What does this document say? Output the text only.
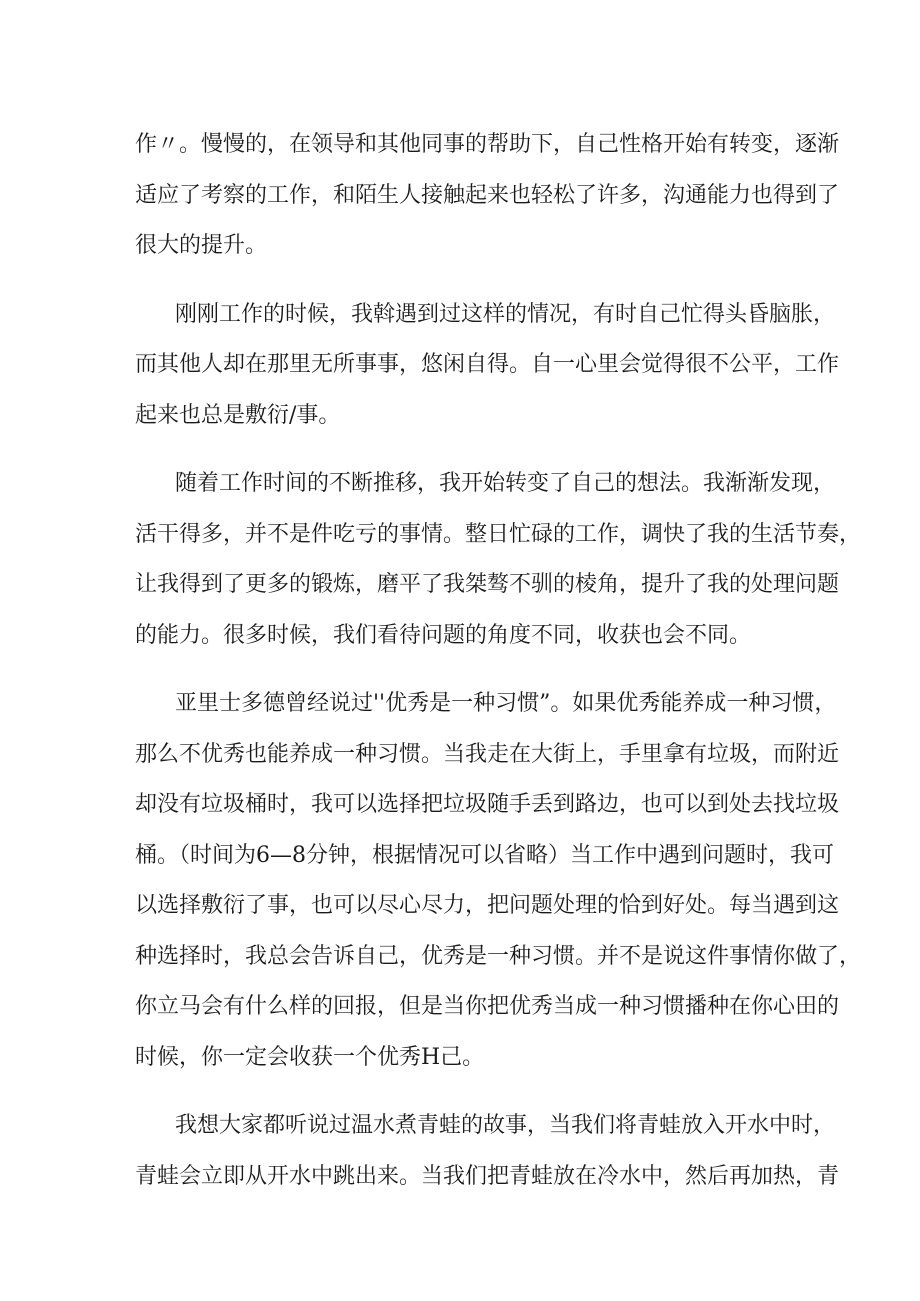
作〃。慢慢的，在领导和其他同事的帮助下，自己性格开始有转变，逐渐
适应了考察的工作，和陌生人接触起来也轻松了许多，沟通能力也得到了
很大的提升。
刚刚工作的时候，我斡遇到过这样的情况，有时自己忙得头昏脑胀，
而其他人却在那里无所事事，悠闲自得。自一心里会觉得很不公平，工作
起来也总是敷衍/事。
随着工作时间的不断推移，我开始转变了自己的想法。我渐渐发现，
活干得多，并不是件吃亏的事情。整日忙碌的工作，调快了我的生活节奏，
让我得到了更多的锻炼，磨平了我桀骜不驯的棱角，提升了我的处理问题
的能力。很多时候，我们看待问题的角度不同，收获也会不同。
亚里士多德曾经说过''优秀是一种习惯”。如果优秀能养成一种习惯，
那么不优秀也能养成一种习惯。当我走在大街上，手里拿有垃圾，而附近
却没有垃圾桶时，我可以选择把垃圾随手丢到路边，也可以到处去找垃圾
桶。（时间为6—8分钟，根据情况可以省略）当工作中遇到问题时，我可
以选择敷衍了事，也可以尽心尽力，把问题处理的恰到好处。每当遇到这
种选择时，我总会告诉自己，优秀是一种习惯。并不是说这件事情你做了，
你立马会有什么样的回报，但是当你把优秀当成一种习惯播种在你心田的
时候，你一定会收获一个优秀H己。
我想大家都听说过温水煮青蛙的故事，当我们将青蛙放入开水中时，
青蛙会立即从开水中跳出来。当我们把青蛙放在冷水中，然后再加热，青
